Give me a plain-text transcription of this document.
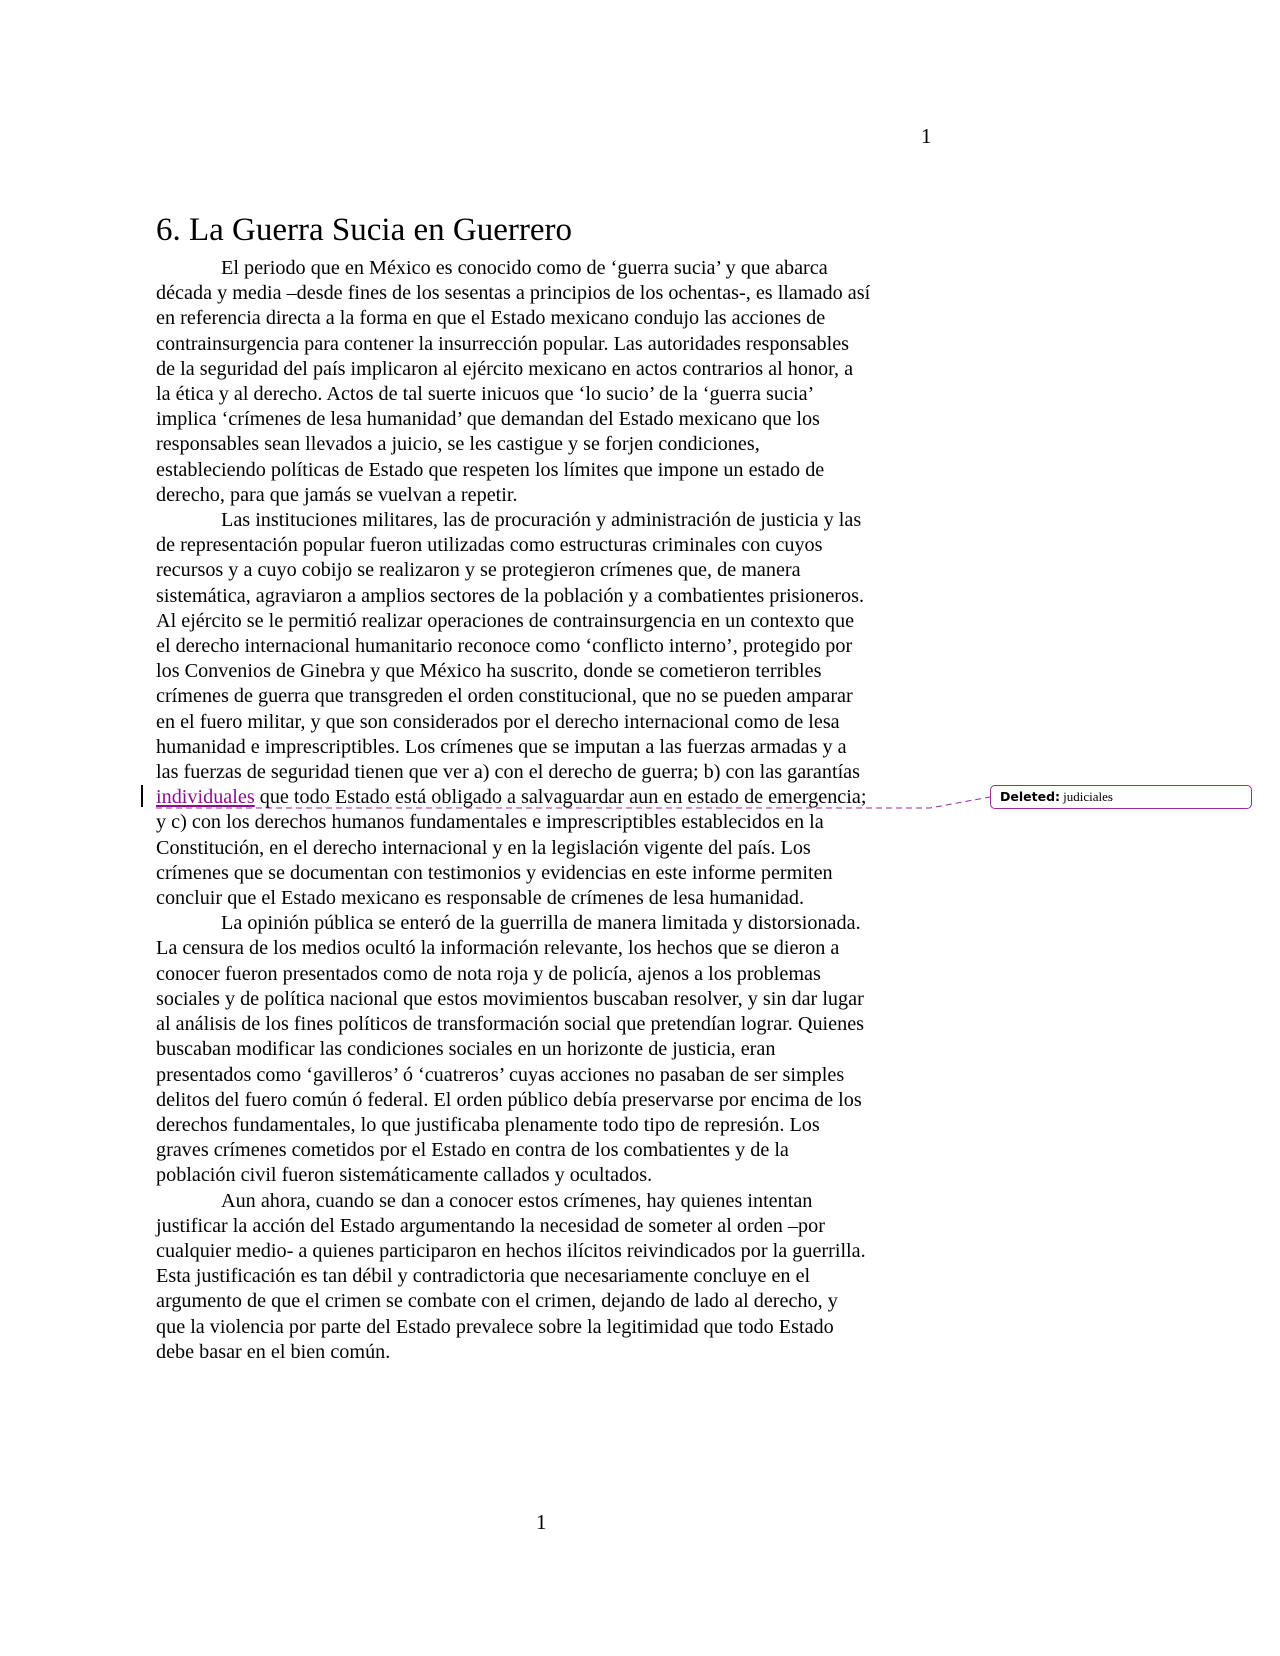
1
6. La Guerra Sucia en Guerrero

El periodo que en México es conocido como de ‘guerra sucia’ y que abarca
década y media –desde fines de los sesentas a principios de los ochentas-, es llamado así
en referencia directa a la forma en que el Estado mexicano condujo las acciones de
contrainsurgencia para contener la insurrección popular. Las autoridades responsables
de la seguridad del país implicaron al ejército mexicano en actos contrarios al honor, a
la ética y al derecho. Actos de tal suerte inicuos que ‘lo sucio’ de la ‘guerra sucia’
implica ‘crímenes de lesa humanidad’ que demandan del Estado mexicano que los
responsables sean llevados a juicio, se les castigue y se forjen condiciones,
estableciendo políticas de Estado que respeten los límites que impone un estado de
derecho, para que jamás se vuelvan a repetir.

Las instituciones militares, las de procuración y administración de justicia y las
de representación popular fueron utilizadas como estructuras criminales con cuyos
recursos y a cuyo cobijo se realizaron y se protegieron crímenes que, de manera
sistemática, agraviaron a amplios sectores de la población y a combatientes prisioneros.
Al ejército se le permitió realizar operaciones de contrainsurgencia en un contexto que
el derecho internacional humanitario reconoce como ‘conflicto interno’, protegido por
los Convenios de Ginebra y que México ha suscrito, donde se cometieron terribles
crímenes de guerra que transgreden el orden constitucional, que no se pueden amparar
en el fuero militar, y que son considerados por el derecho internacional como de lesa
humanidad e imprescriptibles. Los crímenes que se imputan a las fuerzas armadas y a
las fuerzas de seguridad tienen que ver a) con el derecho de guerra; b) con las garantías
individuales que todo Estado está obligado a salvaguardar aun en estado de emergencia;
y c) con los derechos humanos fundamentales e imprescriptibles establecidos en la
Constitución, en el derecho internacional y en la legislación vigente del país. Los
crímenes que se documentan con testimonios y evidencias en este informe permiten
concluir que el Estado mexicano es responsable de crímenes de lesa humanidad.

La opinión pública se enteró de la guerrilla de manera limitada y distorsionada.
La censura de los medios ocultó la información relevante, los hechos que se dieron a
conocer fueron presentados como de nota roja y de policía, ajenos a los problemas
sociales y de política nacional que estos movimientos buscaban resolver, y sin dar lugar
al análisis de los fines políticos de transformación social que pretendían lograr. Quienes
buscaban modificar las condiciones sociales en un horizonte de justicia, eran
presentados como ‘gavilleros’ ó ‘cuatreros’ cuyas acciones no pasaban de ser simples
delitos del fuero común ó federal. El orden público debía preservarse por encima de los
derechos fundamentales, lo que justificaba plenamente todo tipo de represión. Los
graves crímenes cometidos por el Estado en contra de los combatientes y de la
población civil fueron sistemáticamente callados y ocultados.

Aun ahora, cuando se dan a conocer estos crímenes, hay quienes intentan
justificar la acción del Estado argumentando la necesidad de someter al orden –por
cualquier medio- a quienes participaron en hechos ilícitos reivindicados por la guerrilla.
Esta justificación es tan débil y contradictoria que necesariamente concluye en el
argumento de que el crimen se combate con el crimen, dejando de lado al derecho, y
que la violencia por parte del Estado prevalece sobre la legitimidad que todo Estado
debe basar en el bien común.

Deleted: judiciales
1
